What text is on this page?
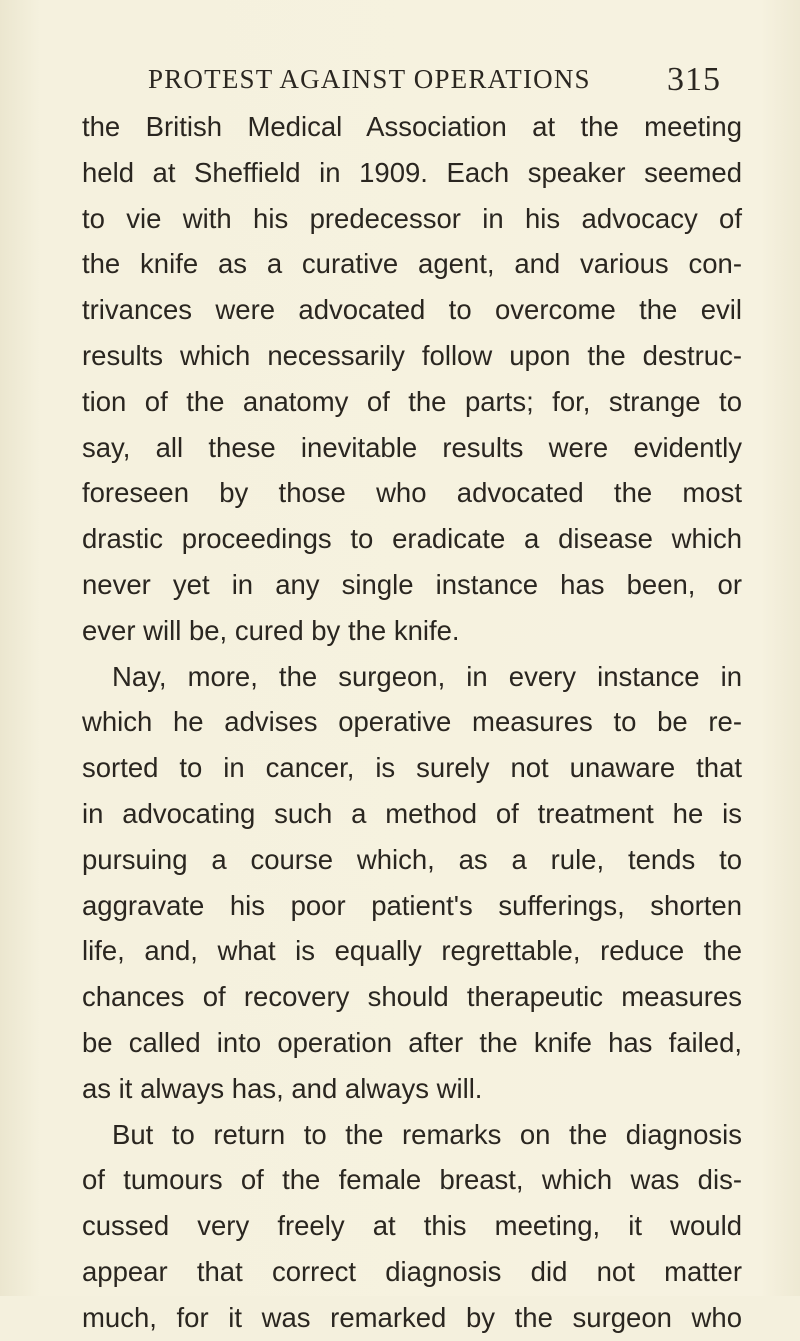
PROTEST AGAINST OPERATIONS 315
the British Medical Association at the meeting
held at Sheffield in 1909. Each speaker seemed
to vie with his predecessor in his advocacy of
the knife as a curative agent, and various con-
trivances were advocated to overcome the evil
results which necessarily follow upon the destruc-
tion of the anatomy of the parts; for, strange to
say, all these inevitable results were evidently
foreseen by those who advocated the most
drastic proceedings to eradicate a disease which
never yet in any single instance has been, or
ever will be, cured by the knife.
Nay, more, the surgeon, in every instance in
which he advises operative measures to be re-
sorted to in cancer, is surely not unaware that
in advocating such a method of treatment he is
pursuing a course which, as a rule, tends to
aggravate his poor patient's sufferings, shorten
life, and, what is equally regrettable, reduce the
chances of recovery should therapeutic measures
be called into operation after the knife has failed,
as it always has, and always will.
But to return to the remarks on the diagnosis
of tumours of the female breast, which was dis-
cussed very freely at this meeting, it would
appear that correct diagnosis did not matter
much, for it was remarked by the surgeon who
